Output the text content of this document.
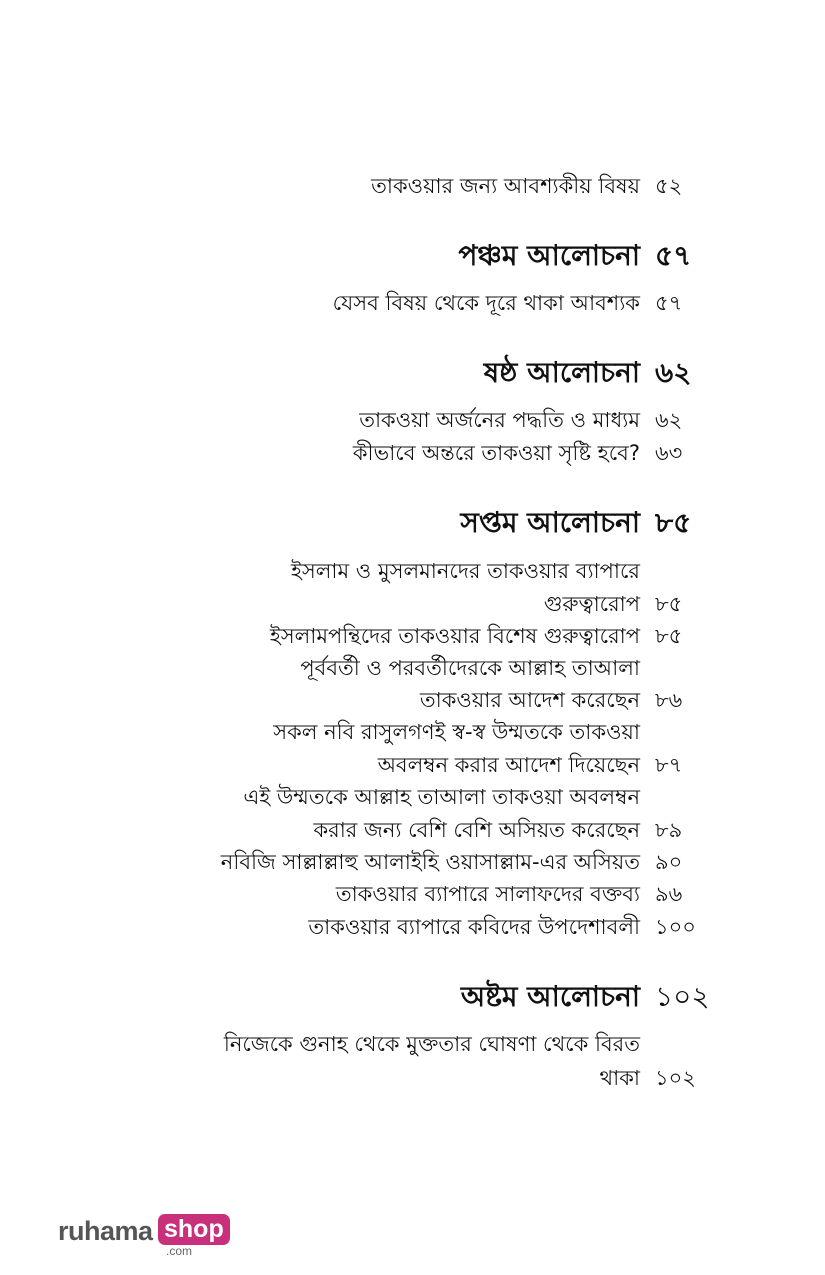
তাকওয়ার জন্য আবশ্যকীয় বিষয় ৫২
পঞ্চম আলোচনা ৫৭
যেসব বিষয় থেকে দূরে থাকা আবশ্যক ৫৭
ষষ্ঠ আলোচনা ৬২
তাকওয়া অর্জনের পদ্ধতি ও মাধ্যম ৬২
কীভাবে অন্তরে তাকওয়া সৃষ্টি হবে? ৬৩
সপ্তম আলোচনা ৮৫
ইসলাম ও মুসলমানদের তাকওয়ার ব্যাপারে
গুরুত্বারোপ ৮৫
ইসলামপন্থিদের তাকওয়ার বিশেষ গুরুত্বারোপ ৮৫
পূর্ববর্তী ও পরবর্তীদেরকে আল্লাহ তাআলা
তাকওয়ার আদেশ করেছেন ৮৬
সকল নবি রাসুলগণই স্ব-স্ব উম্মতকে তাকওয়া
অবলম্বন করার আদেশ দিয়েছেন ৮৭
এই উম্মতকে আল্লাহ তাআলা তাকওয়া অবলম্বন
করার জন্য বেশি বেশি অসিয়ত করেছেন ৮৯
নবিজি সাল্লাল্লাহু আলাইহি ওয়াসাল্লাম-এর অসিয়ত ৯০
তাকওয়ার ব্যাপারে সালাফদের বক্তব্য ৯৬
তাকওয়ার ব্যাপারে কবিদের উপদেশাবলী ১০০
অষ্টম আলোচনা ১০২
নিজেকে গুনাহ থেকে মুক্ততার ঘোষণা থেকে বিরত
থাকা ১০২
ruhama shop
.com
